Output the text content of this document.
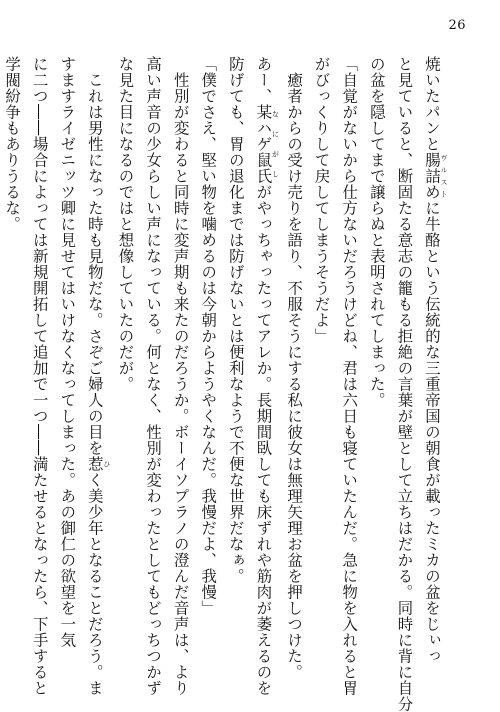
26
焼いたパンと腸詰め ヴルストに牛酪という伝統的な三重帝国の朝食が載ったミカの盆をじぃっ
と見ていると、断固たる意志の籠もる拒絶の言葉が壁として立ちはだかる。同時に背に自分
の盆を隠してまで譲らぬと表明されてしまった。
「自覚がないから仕方ないだろうけどね、君は六日も寝ていたんだ。急に物を入れると胃
がびっくりして戻してしまうそうだよ」
　癒者からの受け売りを語り、不服そうにする私に彼女は無理矢理お盆を押しつけた。
あー、某ハゲ鼠氏 なにがしがやっちゃったってアレか。長期間臥しても床ずれや筋肉が萎えるのを
防げても、胃の退化までは防げないとは便利なようで不便な世界だなぁ。
「僕でさえ、堅い物を噛めるのは今朝からようやくなんだ。我慢だよ、我慢」
　性別が変わると同時に変声期も来たのだろうか。ボーイソプラノの澄んだ音声は、より
高い声音の少女らしい声になっている。何となく、性別が変わったとしてもどっちつかず
な見た目になるのではと想像していたのだが。
　これは男性になった時も見物だな。さぞご婦人の目を惹 ひく美少年となることだろう。ま
すますライゼニッツ卿に見せてはいけなくなってしまった。あの御仁の欲望を一気
に二つ――場合によっては新規開拓して追加で一つ――満たせるとなったら、下手すると
学閥紛争もありうるな。
